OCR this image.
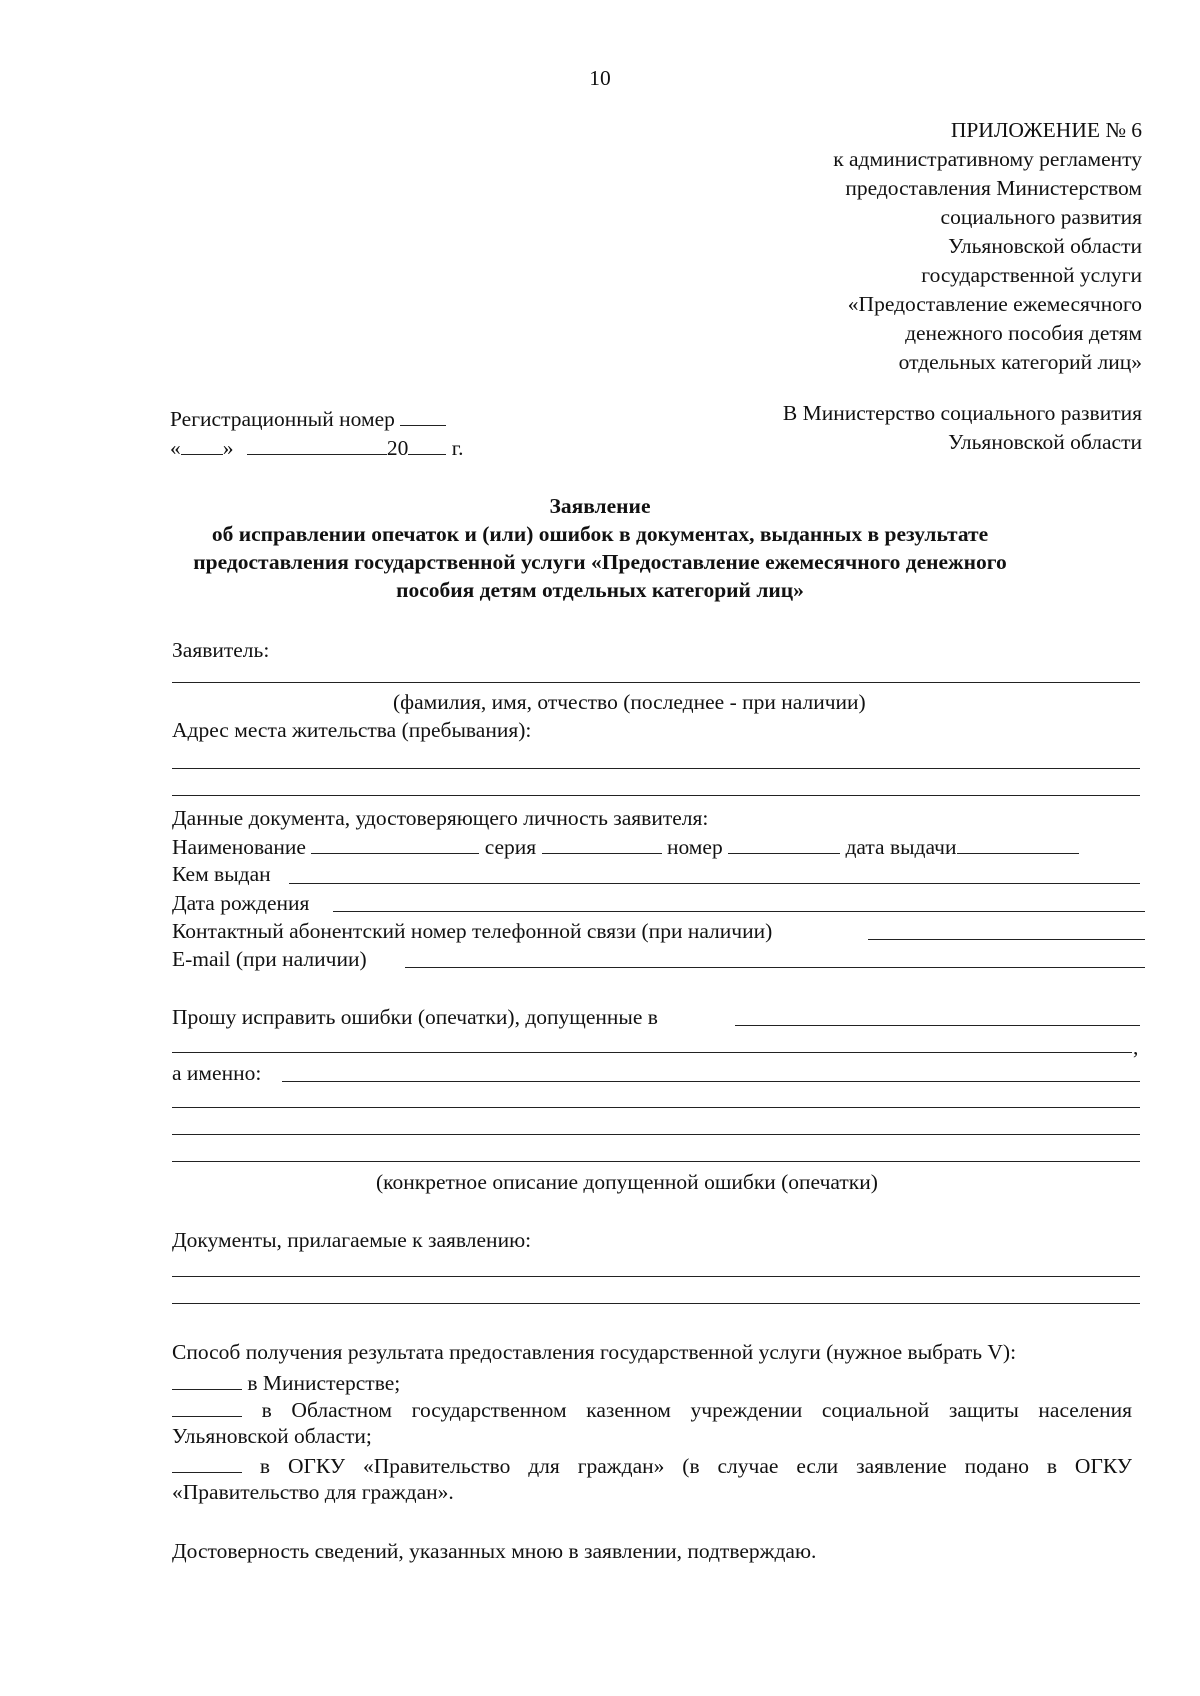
10
ПРИЛОЖЕНИЕ № 6
к административному регламенту
предоставления Министерством
социального развития
Ульяновской области
государственной услуги
«Предоставление ежемесячного
денежного пособия детям
отдельных категорий лиц»
Регистрационный номер
« »	20 г.
В Министерство социального развития
Ульяновской области
Заявление
об исправлении опечаток и (или) ошибок в документах, выданных в результате
предоставления государственной услуги «Предоставление ежемесячного денежного
пособия детям отдельных категорий лиц»
Заявитель:
(фамилия, имя, отчество (последнее - при наличии)
Адрес места жительства (пребывания):
Данные документа, удостоверяющего личность заявителя:
Наименование	серия	номер	дата выдачи
Кем выдан
Дата рождения
Контактный абонентский номер телефонной связи (при наличии)
E-mail (при наличии)
Прошу исправить ошибки (опечатки), допущенные в
,
а именно:
(конкретное описание допущенной ошибки (опечатки)
Документы, прилагаемые к заявлению:
Способ получения результата предоставления государственной услуги (нужное выбрать V):
в Министерстве;
в Областном государственном казенном учреждении социальной защиты населения
Ульяновской области;
в ОГКУ «Правительство для граждан» (в случае если заявление подано в ОГКУ
«Правительство для граждан».
Достоверность сведений, указанных мною в заявлении, подтверждаю.
